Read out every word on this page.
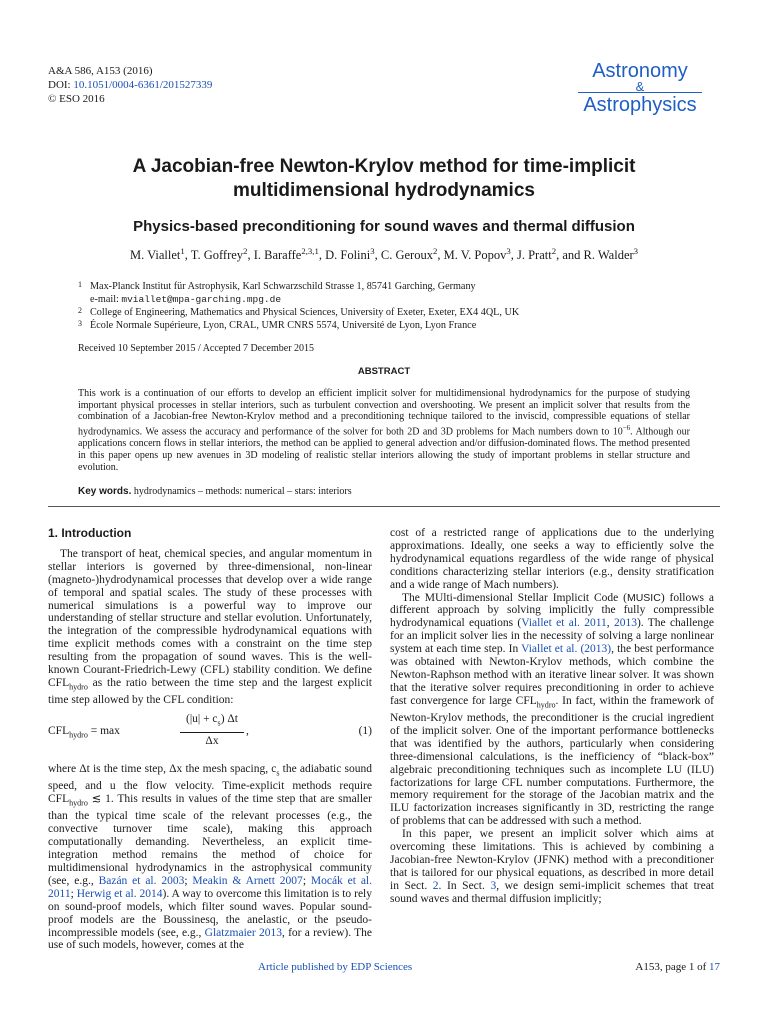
A&A 586, A153 (2016)
DOI: 10.1051/0004-6361/201527339
© ESO 2016
Astronomy
&
Astrophysics
A Jacobian-free Newton-Krylov method for time-implicit
multidimensional hydrodynamics
Physics-based preconditioning for sound waves and thermal diffusion
M. Viallet$^1$, T. Goffrey$^2$, I. Baraffe$^{2,3,1}$, D. Folini$^3$, C. Geroux$^2$, M. V. Popov$^3$, J. Pratt$^2$, and R. Walder$^3$
1 Max-Planck Institut für Astrophysik, Karl Schwarzschild Strasse 1, 85741 Garching, Germany
e-mail: mviallet@mpa-garching.mpg.de
2 College of Engineering, Mathematics and Physical Sciences, University of Exeter, Exeter, EX4 4QL, UK
3 École Normale Supérieure, Lyon, CRAL, UMR CNRS 5574, Université de Lyon, Lyon France
Received 10 September 2015 / Accepted 7 December 2015
ABSTRACT
This work is a continuation of our efforts to develop an efficient implicit solver for multidimensional hydrodynamics for the purpose of studying important physical processes in stellar interiors, such as turbulent convection and overshooting. We present an implicit solver that results from the combination of a Jacobian-free Newton-Krylov method and a preconditioning technique tailored to the inviscid, compressible equations of stellar hydrodynamics. We assess the accuracy and performance of the solver for both 2D and 3D problems for Mach numbers down to $10^{-6}$. Although our applications concern flows in stellar interiors, the method can be applied to general advection and/or diffusion-dominated flows. The method presented in this paper opens up new avenues in 3D modeling of realistic stellar interiors allowing the study of important problems in stellar structure and evolution.
Key words. hydrodynamics – methods: numerical – stars: interiors
1. Introduction

The transport of heat, chemical species, and angular momentum in stellar interiors is governed by three-dimensional, non-linear (magneto-)hydrodynamical processes that develop over a wide range of temporal and spatial scales. The study of these processes with numerical simulations is a powerful way to improve our understanding of stellar structure and stellar evolution. Unfortunately, the integration of the compressible hydrodynamical equations with time explicit methods comes with a constraint on the time step resulting from the propagation of sound waves. This is the well-known Courant-Friedrich-Lewy (CFL) stability condition. We define $CFL_{hydro}$ as the ratio between the time step and the largest explicit time step allowed by the CFL condition:

$CFL_{hydro} = \max$	$\frac{(|u| + c_s) \Delta t}{\Delta x}$ ,	(1)

where Δt is the time step, Δx the mesh spacing, $c_s$ the adiabatic sound speed, and u the flow velocity. Time-explicit methods require $CFL_{hydro}$ ≲ 1. This results in values of the time step that are smaller than the typical time scale of the relevant processes (e.g., the convective turnover time scale), making this approach computationally demanding. Nevertheless, an explicit time-integration method remains the method of choice for multidimensional hydrodynamics in the astrophysical community (see, e.g., Bazán et al. 2003; Meakin & Arnett 2007; Mocák et al. 2011; Herwig et al. 2014). A way to overcome this limitation is to rely on sound-proof models, which filter sound waves. Popular sound-proof models are the Boussinesq, the anelastic, or the pseudo-incompressible models (see, e.g., Glatzmaier 2013, for a review). The use of such models, however, comes at the

cost of a restricted range of applications due to the underlying approximations. Ideally, one seeks a way to efficiently solve the hydrodynamical equations regardless of the wide range of physical conditions characterizing stellar interiors (e.g., density stratification and a wide range of Mach numbers).

The MUlti-dimensional Stellar Implicit Code (MUSIC) follows a different approach by solving implicitly the fully compressible hydrodynamical equations (Viallet et al. 2011, 2013). The challenge for an implicit solver lies in the necessity of solving a large nonlinear system at each time step. In Viallet et al. (2013), the best performance was obtained with Newton-Krylov methods, which combine the Newton-Raphson method with an iterative linear solver. It was shown that the iterative solver requires preconditioning in order to achieve fast convergence for large $CFL_{hydro}$. In fact, within the framework of Newton-Krylov methods, the preconditioner is the crucial ingredient of the implicit solver. One of the important performance bottlenecks that was identified by the authors, particularly when considering three-dimensional calculations, is the inefficiency of “black-box” algebraic preconditioning techniques such as incomplete LU (ILU) factorizations for large CFL number computations. Furthermore, the memory requirement for the storage of the Jacobian matrix and the ILU factorization increases significantly in 3D, restricting the range of problems that can be addressed with such a method.

In this paper, we present an implicit solver which aims at overcoming these limitations. This is achieved by combining a Jacobian-free Newton-Krylov (JFNK) method with a preconditioner that is tailored for our physical equations, as described in more detail in Sect. 2. In Sect. 3, we design semi-implicit schemes that treat sound waves and thermal diffusion implicitly;

Article published by EDP Sciences	A153, page 1 of 17
